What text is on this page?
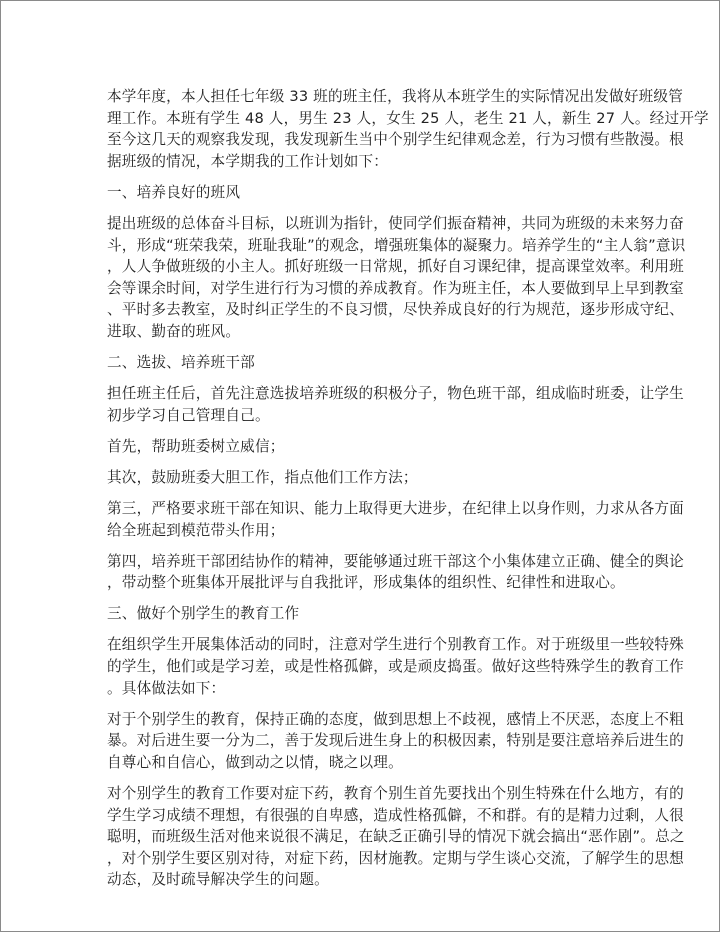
本学年度，本人担任七年级 33 班的班主任，我将从本班学生的实际情况出发做好班级管
理工作。本班有学生 48 人，男生 23 人，女生 25 人，老生 21 人，新生 27 人。经过开学
至今这几天的观察我发现，我发现新生当中个别学生纪律观念差，行为习惯有些散漫。根
据班级的情况，本学期我的工作计划如下：
一、培养良好的班风
提出班级的总体奋斗目标，以班训为指针，使同学们振奋精神，共同为班级的未来努力奋
斗，形成“班荣我荣，班耻我耻”的观念，增强班集体的凝聚力。培养学生的“主人翁”意识
，人人争做班级的小主人。抓好班级一日常规，抓好自习课纪律，提高课堂效率。利用班
会等课余时间，对学生进行行为习惯的养成教育。作为班主任，本人要做到早上早到教室
、平时多去教室，及时纠正学生的不良习惯，尽快养成良好的行为规范，逐步形成守纪、
进取、勤奋的班风。
二、选拔、培养班干部
担任班主任后，首先注意选拔培养班级的积极分子，物色班干部，组成临时班委，让学生
初步学习自己管理自己。
首先，帮助班委树立威信；
其次，鼓励班委大胆工作，指点他们工作方法；
第三，严格要求班干部在知识、能力上取得更大进步，在纪律上以身作则，力求从各方面
给全班起到模范带头作用；
第四，培养班干部团结协作的精神，要能够通过班干部这个小集体建立正确、健全的舆论
，带动整个班集体开展批评与自我批评，形成集体的组织性、纪律性和进取心。
三、做好个别学生的教育工作
在组织学生开展集体活动的同时，注意对学生进行个别教育工作。对于班级里一些较特殊
的学生，他们或是学习差，或是性格孤僻，或是顽皮捣蛋。做好这些特殊学生的教育工作
。具体做法如下：
对于个别学生的教育，保持正确的态度，做到思想上不歧视，感情上不厌恶，态度上不粗
暴。对后进生要一分为二，善于发现后进生身上的积极因素，特别是要注意培养后进生的
自尊心和自信心，做到动之以情，晓之以理。
对个别学生的教育工作要对症下药，教育个别生首先要找出个别生特殊在什么地方，有的
学生学习成绩不理想，有很强的自卑感，造成性格孤僻，不和群。有的是精力过剩，人很
聪明，而班级生活对他来说很不满足，在缺乏正确引导的情况下就会搞出“恶作剧”。总之
，对个别学生要区别对待，对症下药，因材施教。定期与学生谈心交流，了解学生的思想
动态，及时疏导解决学生的问题。
